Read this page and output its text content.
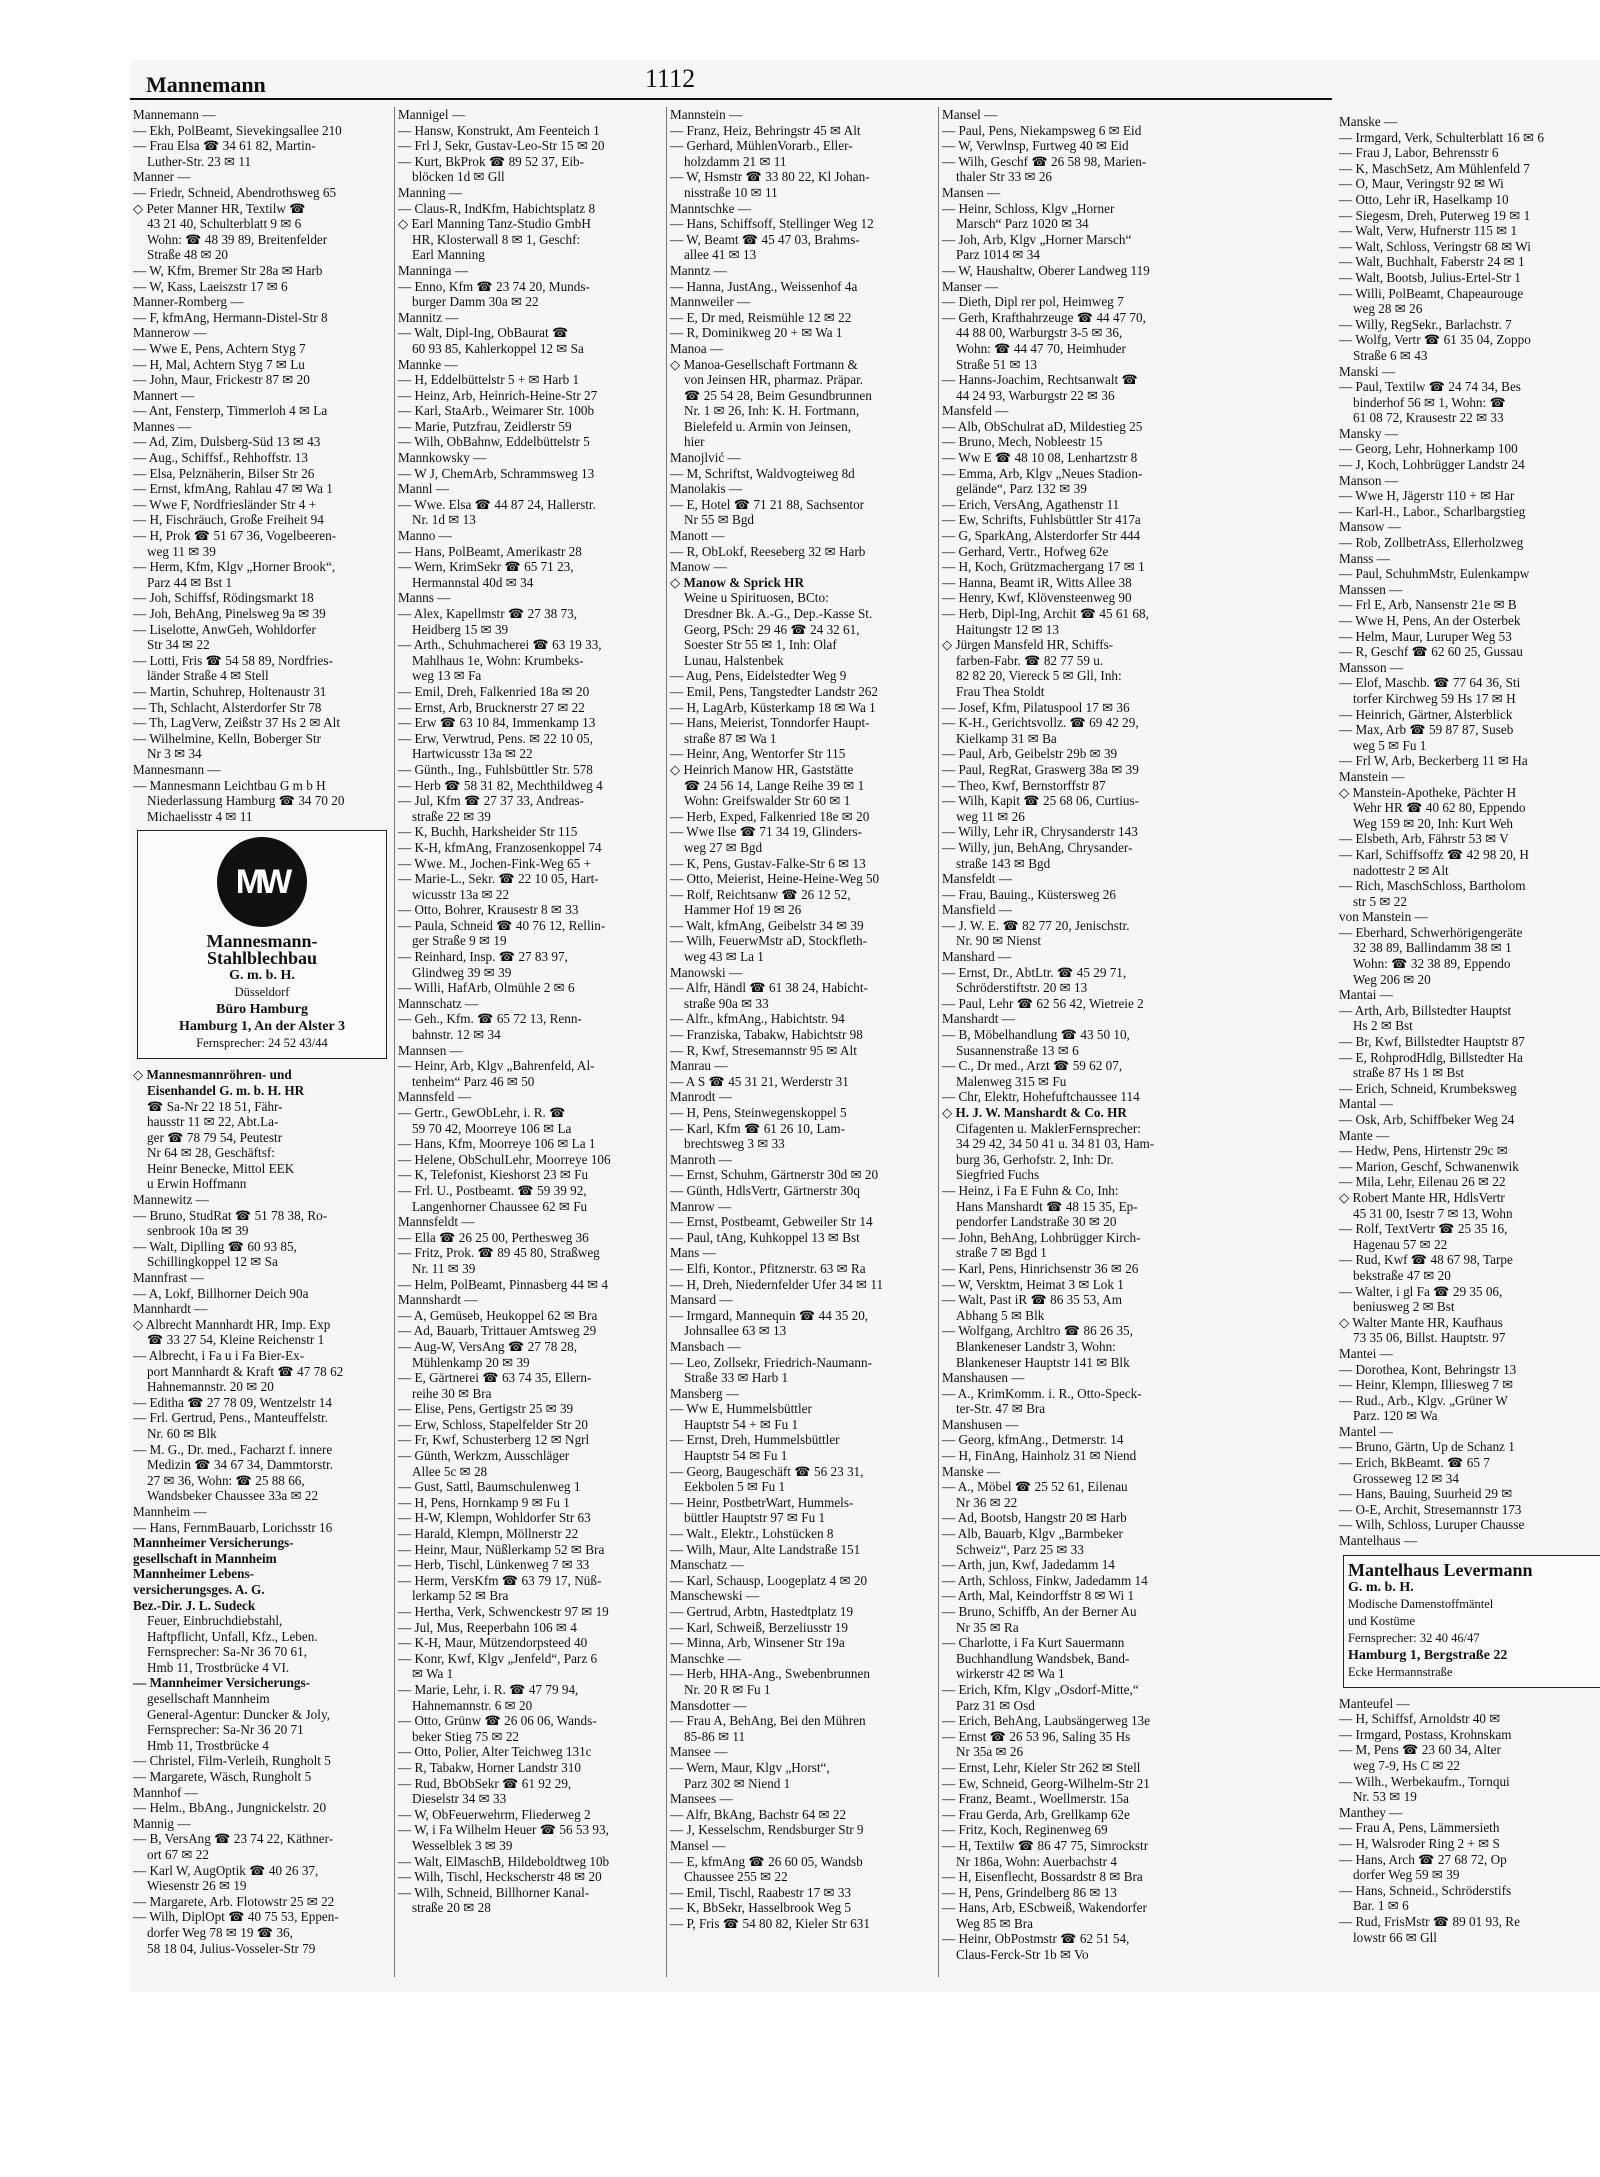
Mannemann	1112
Mannemann —
— Ekh, PolBeamt, Sievekingsallee 210
— Frau Elsa ☎ 34 61 82, Martin-
Luther-Str. 23 ✉ 11
Manner —
— Friedr, Schneid, Abendrothsweg 65
◇ Peter Manner HR, Textilw ☎
43 21 40, Schulterblatt 9 ✉ 6
Wohn: ☎ 48 39 89, Breitenfelder
Straße 48 ✉ 20
— W, Kfm, Bremer Str 28a ✉ Harb
— W, Kass, Laeiszstr 17 ✉ 6
Manner-Romberg —
— F, kfmAng, Hermann-Distel-Str 8
Mannerow —
— Wwe E, Pens, Achtern Styg 7
— H, Mal, Achtern Styg 7 ✉ Lu
— John, Maur, Frickestr 87 ✉ 20
Mannert —
— Ant, Fensterp, Timmerloh 4 ✉ La
Mannes —
— Ad, Zim, Dulsberg-Süd 13 ✉ 43
— Aug., Schiffsf., Rehhoffstr. 13
— Elsa, Pelznäherin, Bilser Str 26
— Ernst, kfmAng, Rahlau 47 ✉ Wa 1
— Wwe F, Nordfriesländer Str 4 +
— H, Fischräuch, Große Freiheit 94
— H, Prok ☎ 51 67 36, Vogelbeeren-
weg 11 ✉ 39
— Herm, Kfm, Klgv „Horner Brook“,
Parz 44 ✉ Bst 1
— Joh, Schiffsf, Rödingsmarkt 18
— Joh, BehAng, Pinelsweg 9a ✉ 39
— Liselotte, AnwGeh, Wohldorfer
Str 34 ✉ 22
— Lotti, Fris ☎ 54 58 89, Nordfries-
länder Straße 4 ✉ Stell
— Martin, Schuhrep, Holtenaustr 31
— Th, Schlacht, Alsterdorfer Str 78
— Th, LagVerw, Zeißstr 37 Hs 2 ✉ Alt
— Wilhelmine, Kelln, Boberger Str
Nr 3 ✉ 34
Mannesmann —
— Mannesmann Leichtbau G m b H
Niederlassung Hamburg ☎ 34 70 20
Michaelisstr 4 ✉ 11
MW
Mannesmann-
Stahlblechbau
G. m. b. H.
Düsseldorf
Büro Hamburg
Hamburg 1, An der Alster 3
Fernsprecher: 24 52 43/44
◇ Mannesmannröhren- und
Eisenhandel G. m. b. H. HR
☎ Sa-Nr 22 18 51, Fähr-
hausstr 11 ✉ 22, Abt.La-
ger ☎ 78 79 54, Peutestr
Nr 64 ✉ 28, Geschäftsf:
Heinr Benecke, Mittol EEK
u Erwin Hoffmann
Mannewitz —
— Bruno, StudRat ☎ 51 78 38, Ro-
senbrook 10a ✉ 39
— Walt, Diplling ☎ 60 93 85,
Schillingkoppel 12 ✉ Sa
Mannfrast —
— A, Lokf, Billhorner Deich 90a
Mannhardt —
◇ Albrecht Mannhardt HR, Imp. Exp
☎ 33 27 54, Kleine Reichenstr 1
— Albrecht, i Fa u i Fa Bier-Ex-
port Mannhardt & Kraft ☎ 47 78 62
Hahnemannstr. 20 ✉ 20
— Editha ☎ 27 78 09, Wentzelstr 14
— Frl. Gertrud, Pens., Manteuffelstr.
Nr. 60 ✉ Blk
— M. G., Dr. med., Facharzt f. innere
Medizin ☎ 34 67 34, Dammtorstr.
27 ✉ 36, Wohn: ☎ 25 88 66,
Wandsbeker Chaussee 33a ✉ 22
Mannheim —
— Hans, FernmBauarb, Lorichsstr 16
Mannheimer Versicherungs-
gesellschaft in Mannheim
Mannheimer Lebens-
versicherungsges. A. G.
Bez.-Dir. J. L. Sudeck
Feuer, Einbruchdiebstahl,
Haftpflicht, Unfall, Kfz., Leben.
Fernsprecher: Sa-Nr 36 70 61,
Hmb 11, Trostbrücke 4 VI.
— Mannheimer Versicherungs-
gesellschaft Mannheim
General-Agentur: Duncker & Joly,
Fernsprecher: Sa-Nr 36 20 71
Hmb 11, Trostbrücke 4
— Christel, Film-Verleih, Rungholt 5
— Margarete, Wäsch, Rungholt 5
Mannhof —
— Helm., BbAng., Jungnickelstr. 20
Mannig —
— B, VersAng ☎ 23 74 22, Käthner-
ort 67 ✉ 22
— Karl W, AugOptik ☎ 40 26 37,
Wiesenstr 26 ✉ 19
— Margarete, Arb. Flotowstr 25 ✉ 22
— Wilh, DiplOpt ☎ 40 75 53, Eppen-
dorfer Weg 78 ✉ 19 ☎ 36,
58 18 04, Julius-Vosseler-Str 79
Mannigel —
— Hansw, Konstrukt, Am Feenteich 1
— Frl J, Sekr, Gustav-Leo-Str 15 ✉ 20
— Kurt, BkProk ☎ 89 52 37, Eib-
blöcken 1d ✉ Gll
Manning —
— Claus-R, IndKfm, Habichtsplatz 8
◇ Earl Manning Tanz-Studio GmbH
HR, Klosterwall 8 ✉ 1, Geschf:
Earl Manning
Manninga —
— Enno, Kfm ☎ 23 74 20, Munds-
burger Damm 30a ✉ 22
Mannitz —
— Walt, Dipl-Ing, ObBaurat ☎
60 93 85, Kahlerkoppel 12 ✉ Sa
Mannke —
— H, Eddelbüttelstr 5 + ✉ Harb 1
— Heinz, Arb, Heinrich-Heine-Str 27
— Karl, StaArb., Weimarer Str. 100b
— Marie, Putzfrau, Zeidlerstr 59
— Wilh, ObBahnw, Eddelbüttelstr 5
Mannkowsky —
— W J, ChemArb, Schrammsweg 13
Mannl —
— Wwe. Elsa ☎ 44 87 24, Hallerstr.
Nr. 1d ✉ 13
Manno —
— Hans, PolBeamt, Amerikastr 28
— Wern, KrimSekr ☎ 65 71 23,
Hermannstal 40d ✉ 34
Manns —
— Alex, Kapellmstr ☎ 27 38 73,
Heidberg 15 ✉ 39
— Arth., Schuhmacherei ☎ 63 19 33,
Mahlhaus 1e, Wohn: Krumbeks-
weg 13 ✉ Fa
— Emil, Dreh, Falkenried 18a ✉ 20
— Ernst, Arb, Brucknerstr 27 ✉ 22
— Erw ☎ 63 10 84, Immenkamp 13
— Erw, Verwtrud, Pens. ✉ 22 10 05,
Hartwicusstr 13a ✉ 22
— Günth., Ing., Fuhlsbüttler Str. 578
— Herb ☎ 58 31 82, Mechthildweg 4
— Jul, Kfm ☎ 27 37 33, Andreas-
straße 22 ✉ 39
— K, Buchh, Harksheider Str 115
— K-H, kfmAng, Franzosenkoppel 74
— Wwe. M., Jochen-Fink-Weg 65 +
— Marie-L., Sekr. ☎ 22 10 05, Hart-
wicusstr 13a ✉ 22
— Otto, Bohrer, Krausestr 8 ✉ 33
— Paula, Schneid ☎ 40 76 12, Rellin-
ger Straße 9 ✉ 19
— Reinhard, Insp. ☎ 27 83 97,
Glindweg 39 ✉ 39
— Willi, HafArb, Olmühle 2 ✉ 6
Mannschatz —
— Geh., Kfm. ☎ 65 72 13, Renn-
bahnstr. 12 ✉ 34
Mannsen —
— Heinr, Arb, Klgv „Bahrenfeld, Al-
tenheim“ Parz 46 ✉ 50
Mannsfeld —
— Gertr., GewObLehr, i. R. ☎
59 70 42, Moorreye 106 ✉ La
— Hans, Kfm, Moorreye 106 ✉ La 1
— Helene, ObSchulLehr, Moorreye 106
— K, Telefonist, Kieshorst 23 ✉ Fu
— Frl. U., Postbeamt. ☎ 59 39 92,
Langenhorner Chaussee 62 ✉ Fu
Mannsfeldt —
— Ella ☎ 26 25 00, Perthesweg 36
— Fritz, Prok. ☎ 89 45 80, Straßweg
Nr. 11 ✉ 39
— Helm, PolBeamt, Pinnasberg 44 ✉ 4
Mannshardt —
— A, Gemüseb, Heukoppel 62 ✉ Bra
— Ad, Bauarb, Trittauer Amtsweg 29
— Aug-W, VersAng ☎ 27 78 28,
Mühlenkamp 20 ✉ 39
— E, Gärtnerei ☎ 63 74 35, Ellern-
reihe 30 ✉ Bra
— Elise, Pens, Gertigstr 25 ✉ 39
— Erw, Schloss, Stapelfelder Str 20
— Fr, Kwf, Schusterberg 12 ✉ Ngrl
— Günth, Werkzm, Ausschläger
Allee 5c ✉ 28
— Gust, Sattl, Baumschulenweg 1
— H, Pens, Hornkamp 9 ✉ Fu 1
— H-W, Klempn, Wohldorfer Str 63
— Harald, Klempn, Möllnerstr 22
— Heinr, Maur, Nüßlerkamp 52 ✉ Bra
— Herb, Tischl, Lünkenweg 7 ✉ 33
— Herm, VersKfm ☎ 63 79 17, Nüß-
lerkamp 52 ✉ Bra
— Hertha, Verk, Schwenckestr 97 ✉ 19
— Jul, Mus, Reeperbahn 106 ✉ 4
— K-H, Maur, Mützendorpsteed 40
— Konr, Kwf, Klgv „Jenfeld“, Parz 6
✉ Wa 1
— Marie, Lehr, i. R. ☎ 47 79 94,
Hahnemannstr. 6 ✉ 20
— Otto, Grünw ☎ 26 06 06, Wands-
beker Stieg 75 ✉ 22
— Otto, Polier, Alter Teichweg 131c
— R, Tabakw, Horner Landstr 310
— Rud, BbObSekr ☎ 61 92 29,
Dieselstr 34 ✉ 33
— W, ObFeuerwehrm, Fliederweg 2
— W, i Fa Wilhelm Heuer ☎ 56 53 93,
Wesselblek 3 ✉ 39
— Walt, ElMaschB, Hildeboldtweg 10b
— Wilh, Tischl, Heckscherstr 48 ✉ 20
— Wilh, Schneid, Billhorner Kanal-
straße 20 ✉ 28
Mannstein —
— Franz, Heiz, Behringstr 45 ✉ Alt
— Gerhard, MühlenVorarb., Eller-
holzdamm 21 ✉ 11
— W, Hsmstr ☎ 33 80 22, Kl Johan-
nisstraße 10 ✉ 11
Manntschke —
— Hans, Schiffsoff, Stellinger Weg 12
— W, Beamt ☎ 45 47 03, Brahms-
allee 41 ✉ 13
Manntz —
— Hanna, JustAng., Weissenhof 4a
Mannweiler —
— E, Dr med, Reismühle 12 ✉ 22
— R, Dominikweg 20 + ✉ Wa 1
Manoa —
◇ Manoa-Gesellschaft Fortmann &
von Jeinsen HR, pharmaz. Präpar.
☎ 25 54 28, Beim Gesundbrunnen
Nr. 1 ✉ 26, Inh: K. H. Fortmann,
Bielefeld u. Armin von Jeinsen,
hier
Manojlvić —
— M, Schriftst, Waldvogteiweg 8d
Manolakis —
— E, Hotel ☎ 71 21 88, Sachsentor
Nr 55 ✉ Bgd
Manott —
— R, ObLokf, Reeseberg 32 ✉ Harb
Manow —
◇ Manow & Sprick HR
Weine u Spirituosen, BCto:
Dresdner Bk. A.-G., Dep.-Kasse St.
Georg, PSch: 29 46 ☎ 24 32 61,
Soester Str 55 ✉ 1, Inh: Olaf
Lunau, Halstenbek
— Aug, Pens, Eidelstedter Weg 9
— Emil, Pens, Tangstedter Landstr 262
— H, LagArb, Küsterkamp 18 ✉ Wa 1
— Hans, Meierist, Tonndorfer Haupt-
straße 87 ✉ Wa 1
— Heinr, Ang, Wentorfer Str 115
◇ Heinrich Manow HR, Gaststätte
☎ 24 56 14, Lange Reihe 39 ✉ 1
Wohn: Greifswalder Str 60 ✉ 1
— Herb, Exped, Falkenried 18e ✉ 20
— Wwe Ilse ☎ 71 34 19, Glinders-
weg 27 ✉ Bgd
— K, Pens, Gustav-Falke-Str 6 ✉ 13
— Otto, Meierist, Heine-Heine-Weg 50
— Rolf, Reichtsanw ☎ 26 12 52,
Hammer Hof 19 ✉ 26
— Walt, kfmAng, Geibelstr 34 ✉ 39
— Wilh, FeuerwMstr aD, Stockfleth-
weg 43 ✉ La 1
Manowski —
— Alfr, Händl ☎ 61 38 24, Habicht-
straße 90a ✉ 33
— Alfr., kfmAng., Habichtstr. 94
— Franziska, Tabakw, Habichtstr 98
— R, Kwf, Stresemannstr 95 ✉ Alt
Manrau —
— A S ☎ 45 31 21, Werderstr 31
Manrodt —
— H, Pens, Steinwegenskoppel 5
— Karl, Kfm ☎ 61 26 10, Lam-
brechtsweg 3 ✉ 33
Manroth —
— Ernst, Schuhm, Gärtnerstr 30d ✉ 20
— Günth, HdlsVertr, Gärtnerstr 30q
Manrow —
— Ernst, Postbeamt, Gebweiler Str 14
— Paul, tAng, Kuhkoppel 13 ✉ Bst
Mans —
— Elfi, Kontor., Pfitznerstr. 63 ✉ Ra
— H, Dreh, Niedernfelder Ufer 34 ✉ 11
Mansard —
— Irmgard, Mannequin ☎ 44 35 20,
Johnsallee 63 ✉ 13
Mansbach —
— Leo, Zollsekr, Friedrich-Naumann-
Straße 33 ✉ Harb 1
Mansberg —
— Ww E, Hummelsbüttler
Hauptstr 54 + ✉ Fu 1
— Ernst, Dreh, Hummelsbüttler
Hauptstr 54 ✉ Fu 1
— Georg, Baugeschäft ☎ 56 23 31,
Eekbolen 5 ✉ Fu 1
— Heinr, PostbetrWart, Hummels-
büttler Hauptstr 97 ✉ Fu 1
— Walt., Elektr., Lohstücken 8
— Wilh, Maur, Alte Landstraße 151
Manschatz —
— Karl, Schausp, Loogeplatz 4 ✉ 20
Manschewski —
— Gertrud, Arbtn, Hastedtplatz 19
— Karl, Schweiß, Berzeliusstr 19
— Minna, Arb, Winsener Str 19a
Manschke —
— Herb, HHA-Ang., Swebenbrunnen
Nr. 20 R ✉ Fu 1
Mansdotter —
— Frau A, BehAng, Bei den Mühren
85-86 ✉ 11
Mansee —
— Wern, Maur, Klgv „Horst“,
Parz 302 ✉ Niend 1
Mansees —
— Alfr, BkAng, Bachstr 64 ✉ 22
— J, Kesselschm, Rendsburger Str 9
Mansel —
— E, kfmAng ☎ 26 60 05, Wandsb
Chaussee 255 ✉ 22
— Emil, Tischl, Raabestr 17 ✉ 33
— K, BbSekr, Hasselbrook Weg 5
— P, Fris ☎ 54 80 82, Kieler Str 631
Mansel —
— Paul, Pens, Niekampsweg 6 ✉ Eid
— W, Verwlnsp, Furtweg 40 ✉ Eid
— Wilh, Geschf ☎ 26 58 98, Marien-
thaler Str 33 ✉ 26
Mansen —
— Heinr, Schloss, Klgv „Horner
Marsch“ Parz 1020 ✉ 34
— Joh, Arb, Klgv „Horner Marsch“
Parz 1014 ✉ 34
— W, Haushaltw, Oberer Landweg 119
Manser —
— Dieth, Dipl rer pol, Heimweg 7
— Gerh, Krafthahrzeuge ☎ 44 47 70,
44 88 00, Warburgstr 3-5 ✉ 36,
Wohn: ☎ 44 47 70, Heimhuder
Straße 51 ✉ 13
— Hanns-Joachim, Rechtsanwalt ☎
44 24 93, Warburgstr 22 ✉ 36
Mansfeld —
— Alb, ObSchulrat aD, Mildestieg 25
— Bruno, Mech, Nobleestr 15
— Ww E ☎ 48 10 08, Lenhartzstr 8
— Emma, Arb, Klgv „Neues Stadion-
gelände“, Parz 132 ✉ 39
— Erich, VersAng, Agathenstr 11
— Ew, Schrifts, Fuhlsbüttler Str 417a
— G, SparkAng, Alsterdorfer Str 444
— Gerhard, Vertr., Hofweg 62e
— H, Koch, Grützmachergang 17 ✉ 1
— Hanna, Beamt iR, Witts Allee 38
— Henry, Kwf, Klövensteenweg 90
— Herb, Dipl-Ing, Archit ☎ 45 61 68,
Haitungstr 12 ✉ 13
◇ Jürgen Mansfeld HR, Schiffs-
farben-Fabr. ☎ 82 77 59 u.
82 82 20, Viereck 5 ✉ Gll, Inh:
Frau Thea Stoldt
— Josef, Kfm, Pilatuspool 17 ✉ 36
— K-H., Gerichtsvollz. ☎ 69 42 29,
Kielkamp 31 ✉ Ba
— Paul, Arb, Geibelstr 29b ✉ 39
— Paul, RegRat, Graswerg 38a ✉ 39
— Theo, Kwf, Bernstorffstr 87
— Wilh, Kapit ☎ 25 68 06, Curtius-
weg 11 ✉ 26
— Willy, Lehr iR, Chrysanderstr 143
— Willy, jun, BehAng, Chrysander-
straße 143 ✉ Bgd
Mansfeldt —
— Frau, Bauing., Küstersweg 26
Mansfield —
— J. W. E. ☎ 82 77 20, Jenischstr.
Nr. 90 ✉ Nienst
Manshard —
— Ernst, Dr., AbtLtr. ☎ 45 29 71,
Schröderstiftstr. 20 ✉ 13
— Paul, Lehr ☎ 62 56 42, Wietreie 2
Manshardt —
— B, Möbelhandlung ☎ 43 50 10,
Susannenstraße 13 ✉ 6
— C., Dr med., Arzt ☎ 59 62 07,
Malenweg 315 ✉ Fu
— Chr, Elektr, Hohefuftchaussee 114
◇ H. J. W. Manshardt & Co. HR
Cifagenten u. MaklerFernsprecher:
34 29 42, 34 50 41 u. 34 81 03, Ham-
burg 36, Gerhofstr. 2, Inh: Dr.
Siegfried Fuchs
— Heinz, i Fa E Fuhn & Co, Inh:
Hans Manshardt ☎ 48 15 35, Ep-
pendorfer Landstraße 30 ✉ 20
— John, BehAng, Lohbrügger Kirch-
straße 7 ✉ Bgd 1
— Karl, Pens, Hinrichsenstr 36 ✉ 26
— W, Versktm, Heimat 3 ✉ Lok 1
— Walt, Past iR ☎ 86 35 53, Am
Abhang 5 ✉ Blk
— Wolfgang, Archltro ☎ 86 26 35,
Blankeneser Landstr 3, Wohn:
Blankeneser Hauptstr 141 ✉ Blk
Manshausen —
— A., KrimKomm. i. R., Otto-Speck-
ter-Str. 47 ✉ Bra
Manshusen —
— Georg, kfmAng., Detmerstr. 14
— H, FinAng, Hainholz 31 ✉ Niend
Manske —
— A., Möbel ☎ 25 52 61, Eilenau
Nr 36 ✉ 22
— Ad, Bootsb, Hangstr 20 ✉ Harb
— Alb, Bauarb, Klgv „Barmbeker
Schweiz“, Parz 25 ✉ 33
— Arth, jun, Kwf, Jadedamm 14
— Arth, Schloss, Finkw, Jadedamm 14
— Arth, Mal, Keindorffstr 8 ✉ Wi 1
— Bruno, Schiffb, An der Berner Au
Nr 35 ✉ Ra
— Charlotte, i Fa Kurt Sauermann
Buchhandlung Wandsbek, Band-
wirkerstr 42 ✉ Wa 1
— Erich, Kfm, Klgv „Osdorf-Mitte,“
Parz 31 ✉ Osd
— Erich, BehAng, Laubsängerweg 13e
— Ernst ☎ 26 53 96, Saling 35 Hs
Nr 35a ✉ 26
— Ernst, Lehr, Kieler Str 262 ✉ Stell
— Ew, Schneid, Georg-Wilhelm-Str 21
— Franz, Beamt., Woellmerstr. 15a
— Frau Gerda, Arb, Grellkamp 62e
— Fritz, Koch, Reginenweg 69
— H, Textilw ☎ 86 47 75, Simrockstr
Nr 186a, Wohn: Auerbachstr 4
— H, Eisenflecht, Bossardstr 8 ✉ Bra
— H, Pens, Grindelberg 86 ✉ 13
— Hans, Arb, EScbweiß, Wakendorfer
Weg 85 ✉ Bra
— Heinr, ObPostmstr ☎ 62 51 54,
Claus-Ferck-Str 1b ✉ Vo
Manske —
— Irmgard, Verk, Schulterblatt 16 ✉ 6
— Frau J, Labor, Behrensstr 6
— K, MaschSetz, Am Mühlenfeld 7
— O, Maur, Veringstr 92 ✉ Wi
— Otto, Lehr iR, Haselkamp 10
— Siegesm, Dreh, Puterweg 19 ✉ 1
— Walt, Verw, Hufnerstr 115 ✉ 1
— Walt, Schloss, Veringstr 68 ✉ Wi
— Walt, Buchhalt, Faberstr 24 ✉ 1
— Walt, Bootsb, Julius-Ertel-Str 1
— Willi, PolBeamt, Chapeaurouge
weg 28 ✉ 26
— Willy, RegSekr., Barlachstr. 7
— Wolfg, Vertr ☎ 61 35 04, Zoppo
Straße 6 ✉ 43
Manski —
— Paul, Textilw ☎ 24 74 34, Bes
binderhof 56 ✉ 1, Wohn: ☎
61 08 72, Krausestr 22 ✉ 33
Mansky —
— Georg, Lehr, Hohnerkamp 100
— J, Koch, Lohbrügger Landstr 24
Manson —
— Wwe H, Jägerstr 110 + ✉ Har
— Karl-H., Labor., Scharlbargstieg
Mansow —
— Rob, ZollbetrAss, Ellerholzweg
Manss —
— Paul, SchuhmMstr, Eulenkampw
Manssen —
— Frl E, Arb, Nansenstr 21e ✉ B
— Wwe H, Pens, An der Osterbek
— Helm, Maur, Luruper Weg 53
— R, Geschf ☎ 62 60 25, Gussau
Mansson —
— Elof, Maschb. ☎ 77 64 36, Sti
torfer Kirchweg 59 Hs 17 ✉ H
— Heinrich, Gärtner, Alsterblick
— Max, Arb ☎ 59 87 87, Suseb
weg 5 ✉ Fu 1
— Frl W, Arb, Beckerberg 11 ✉ Ha
Manstein —
◇ Manstein-Apotheke, Pächter H
Wehr HR ☎ 40 62 80, Eppendo
Weg 159 ✉ 20, Inh: Kurt Weh
— Elsbeth, Arb, Fährstr 53 ✉ V
— Karl, Schiffsoffz ☎ 42 98 20, H
nadottestr 2 ✉ Alt
— Rich, MaschSchloss, Bartholom
str 5 ✉ 22
von Manstein —
— Eberhard, Schwerhörigengeräte
32 38 89, Ballindamm 38 ✉ 1
Wohn: ☎ 32 38 89, Eppendo
Weg 206 ✉ 20
Mantai —
— Arth, Arb, Billstedter Hauptst
Hs 2 ✉ Bst
— Br, Kwf, Billstedter Hauptstr 87
— E, RohprodHdlg, Billstedter Ha
straße 87 Hs 1 ✉ Bst
— Erich, Schneid, Krumbeksweg
Mantal —
— Osk, Arb, Schiffbeker Weg 24
Mante —
— Hedw, Pens, Hirtenstr 29c ✉
— Marion, Geschf, Schwanenwik
— Mila, Lehr, Eilenau 26 ✉ 22
◇ Robert Mante HR, HdlsVertr
45 31 00, Isestr 7 ✉ 13, Wohn
— Rolf, TextVertr ☎ 25 35 16,
Hagenau 57 ✉ 22
— Rud, Kwf ☎ 48 67 98, Tarpe
bekstraße 47 ✉ 20
— Walter, i gl Fa ☎ 29 35 06,
beniusweg 2 ✉ Bst
◇ Walter Mante HR, Kaufhaus
73 35 06, Billst. Hauptstr. 97
Mantei —
— Dorothea, Kont, Behringstr 13
— Heinr, Klempn, Illiesweg 7 ✉
— Rud., Arb., Klgv. „Grüner W
Parz. 120 ✉ Wa
Mantel —
— Bruno, Gärtn, Up de Schanz 1
— Erich, BkBeamt. ☎ 65 7
Grosseweg 12 ✉ 34
— Hans, Bauing, Suurheid 29 ✉
— O-E, Archit, Stresemannstr 173
— Wilh, Schloss, Luruper Chausse
Mantelhaus —
Mantelhaus Levermann
G. m. b. H.
Modische Damenstoffmäntel
und Kostüme
Fernsprecher: 32 40 46/47
Hamburg 1, Bergstraße 22
Ecke Hermannstraße
Manteufel —
— H, Schiffsf, Arnoldstr 40 ✉
— Irmgard, Postass, Krohnskam
— M, Pens ☎ 23 60 34, Alter
weg 7-9, Hs C ✉ 22
— Wilh., Werbekaufm., Tornqui
Nr. 53 ✉ 19
Manthey —
— Frau A, Pens, Lämmersieth
— H, Walsroder Ring 2 + ✉ S
— Hans, Arch ☎ 27 68 72, Op
dorfer Weg 59 ✉ 39
— Hans, Schneid., Schröderstifs
Bar. 1 ✉ 6
— Rud, FrisMstr ☎ 89 01 93, Re
lowstr 66 ✉ Gll
